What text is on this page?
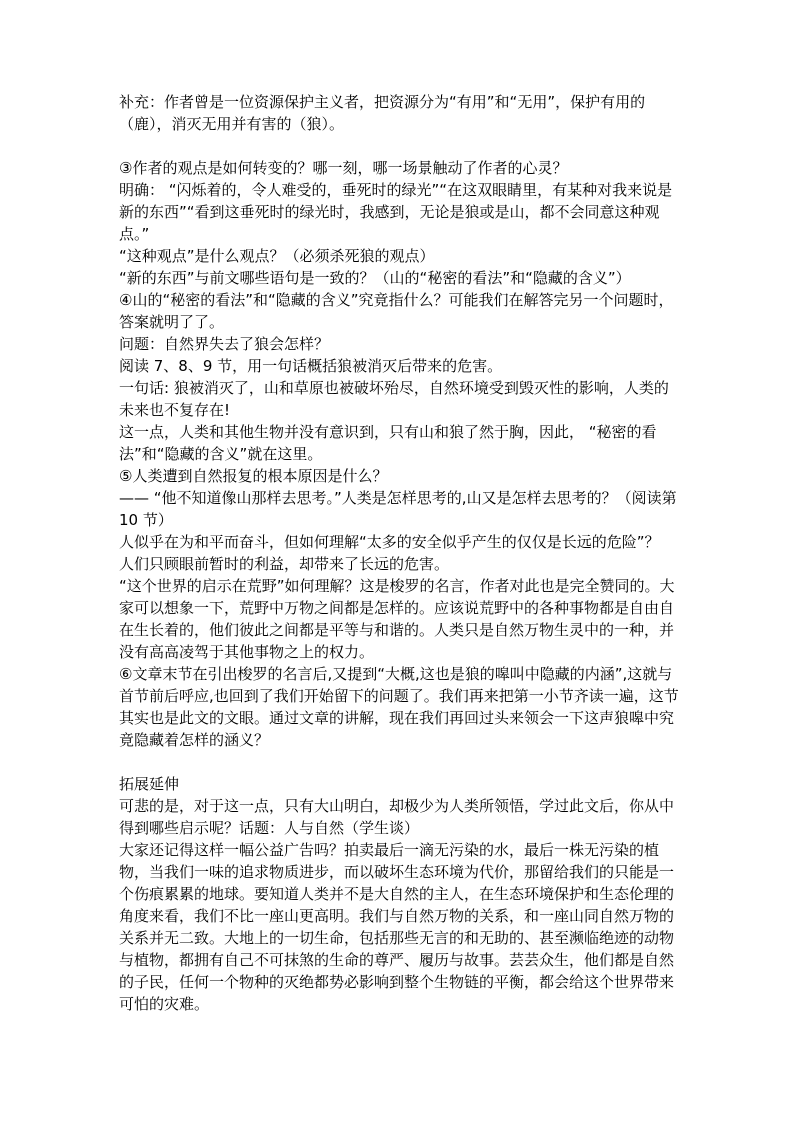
补充：作者曾是一位资源保护主义者，把资源分为“有用”和“无用”，保护有用的（鹿），消灭无用并有害的（狼）。

③作者的观点是如何转变的？哪一刻，哪一场景触动了作者的心灵？

明确： “闪烁着的，令人难受的，垂死时的绿光”“在这双眼睛里，有某种对我来说是新的东西”“看到这垂死时的绿光时，我感到，无论是狼或是山，都不会同意这种观点。”

“这种观点”是什么观点？（必须杀死狼的观点）

“新的东西”与前文哪些语句是一致的？（山的“秘密的看法”和“隐藏的含义”）

④山的“秘密的看法”和“隐藏的含义”究竟指什么？可能我们在解答完另一个问题时，答案就明了了。

问题：自然界失去了狼会怎样？

阅读 7、8、9 节，用一句话概括狼被消灭后带来的危害。

一句话: 狼被消灭了，山和草原也被破坏殆尽，自然环境受到毁灭性的影响，人类的未来也不复存在!

这一点，人类和其他生物并没有意识到，只有山和狼了然于胸，因此， “秘密的看法”和“隐藏的含义”就在这里。

⑤人类遭到自然报复的根本原因是什么？

—— “他不知道像山那样去思考。”人类是怎样思考的,山又是怎样去思考的？（阅读第 10 节）

人似乎在为和平而奋斗，但如何理解“太多的安全似乎产生的仅仅是长远的危险”？

人们只顾眼前暂时的利益，却带来了长远的危害。

“这个世界的启示在荒野”如何理解？这是梭罗的名言，作者对此也是完全赞同的。大家可以想象一下，荒野中万物之间都是怎样的。应该说荒野中的各种事物都是自由自在生长着的，他们彼此之间都是平等与和谐的。人类只是自然万物生灵中的一种，并没有高高凌驾于其他事物之上的权力。

⑥文章末节在引出梭罗的名言后,又提到“大概,这也是狼的嗥叫中隐藏的内涵”,这就与首节前后呼应,也回到了我们开始留下的问题了。我们再来把第一小节齐读一遍，这节其实也是此文的文眼。通过文章的讲解，现在我们再回过头来领会一下这声狼嗥中究竟隐藏着怎样的涵义？

拓展延伸

可悲的是，对于这一点，只有大山明白，却极少为人类所领悟，学过此文后，你从中得到哪些启示呢？话题：人与自然（学生谈）

大家还记得这样一幅公益广告吗？拍卖最后一滴无污染的水，最后一株无污染的植物，当我们一味的追求物质进步，而以破坏生态环境为代价，那留给我们的只能是一个伤痕累累的地球。要知道人类并不是大自然的主人，在生态环境保护和生态伦理的角度来看，我们不比一座山更高明。我们与自然万物的关系，和一座山同自然万物的关系并无二致。大地上的一切生命，包括那些无言的和无助的、甚至濒临绝迹的动物与植物，都拥有自己不可抹煞的生命的尊严、履历与故事。芸芸众生，他们都是自然的子民，任何一个物种的灭绝都势必影响到整个生物链的平衡，都会给这个世界带来可怕的灾难。
